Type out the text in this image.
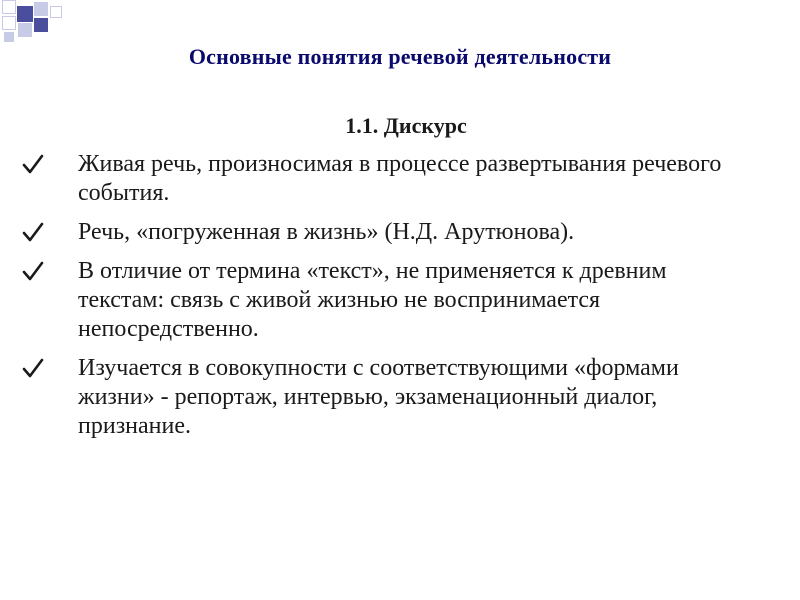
Основные понятия речевой деятельности
1.1. Дискурс
Живая речь, произносимая в процессе развертывания речевого события.
Речь, «погруженная в жизнь» (Н.Д. Арутюнова).
В отличие от термина «текст», не применяется к древним текстам: связь с живой жизнью не воспринимается непосредственно.
Изучается в совокупности с соответствующими «формами жизни» - репортаж, интервью, экзаменационный диалог, признание.
